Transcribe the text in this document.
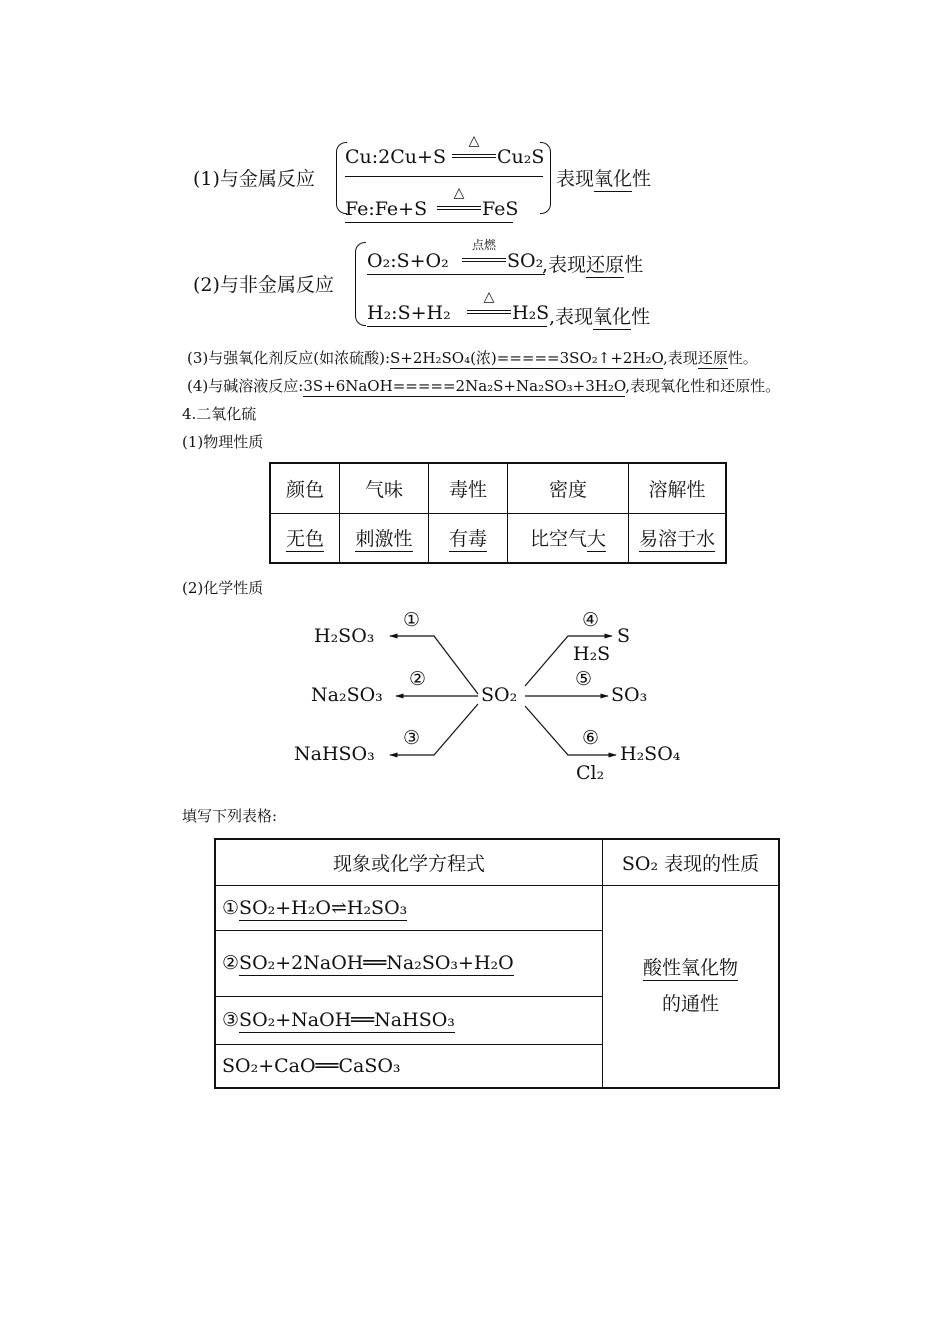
(1)与金属反应
Cu:2Cu+S
△
Cu₂S
Fe:Fe+S
△
FeS
表现氧化性
(2)与非金属反应
O₂:S+O₂
点燃
SO₂
,表现还原性
H₂:S+H₂
△
H₂S ,表现氧化性
(3)与强氧化剂反应(如浓硫酸):S+2H₂SO₄(浓)=====3SO₂↑+2H₂O,表现还原性。
(4)与碱溶液反应:3S+6NaOH=====2Na₂S+Na₂SO₃+3H₂O,表现氧化性和还原性。
4.二氧化硫
(1)物理性质
颜色	气味	毒性	密度	溶解性
无色	刺激性	有毒	比空气大	易溶于水
(2)化学性质
SO₂
H₂SO₃
Na₂SO₃
NaHSO₃
S
SO₃
H₂SO₄
①
②
③
④
⑤
⑥
H₂S
Cl₂
填写下列表格:
现象或化学方程式	SO₂ 表现的性质
①SO₂+H₂O⇌H₂SO₃	酸性氧化物
的通性
②SO₂+2NaOH══Na₂SO₃+H₂O	
③SO₂+NaOH══NaHSO₃	
SO₂+CaO══CaSO₃	
